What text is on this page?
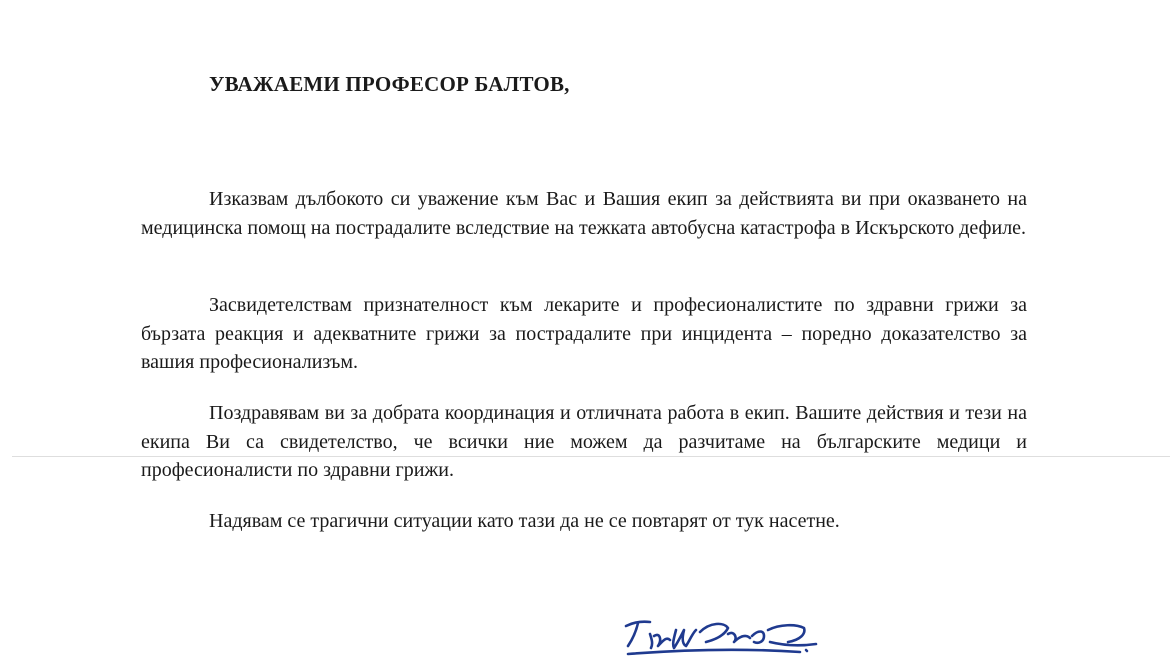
УВАЖАЕМИ ПРОФЕСОР БАЛТОВ,

Изказвам дълбокото си уважение към Вас и Вашия екип за действията ви при оказването на медицинска помощ на пострадалите вследствие на тежката автобусна катастрофа в Искърското дефиле.

Засвидетелствам признателност към лекарите и професионалистите по здравни грижи за бързата реакция и адекватните грижи за пострадалите при инцидента – поредно доказателство за вашия професионализъм.

Поздравявам ви за добрата координация и отличната работа в екип. Вашите действия и тези на екипа Ви са свидетелство, че всички ние можем да разчитаме на българските медици и професионалисти по здравни грижи.

Надявам се трагични ситуации като тази да не се повтарят от тук насетне.
